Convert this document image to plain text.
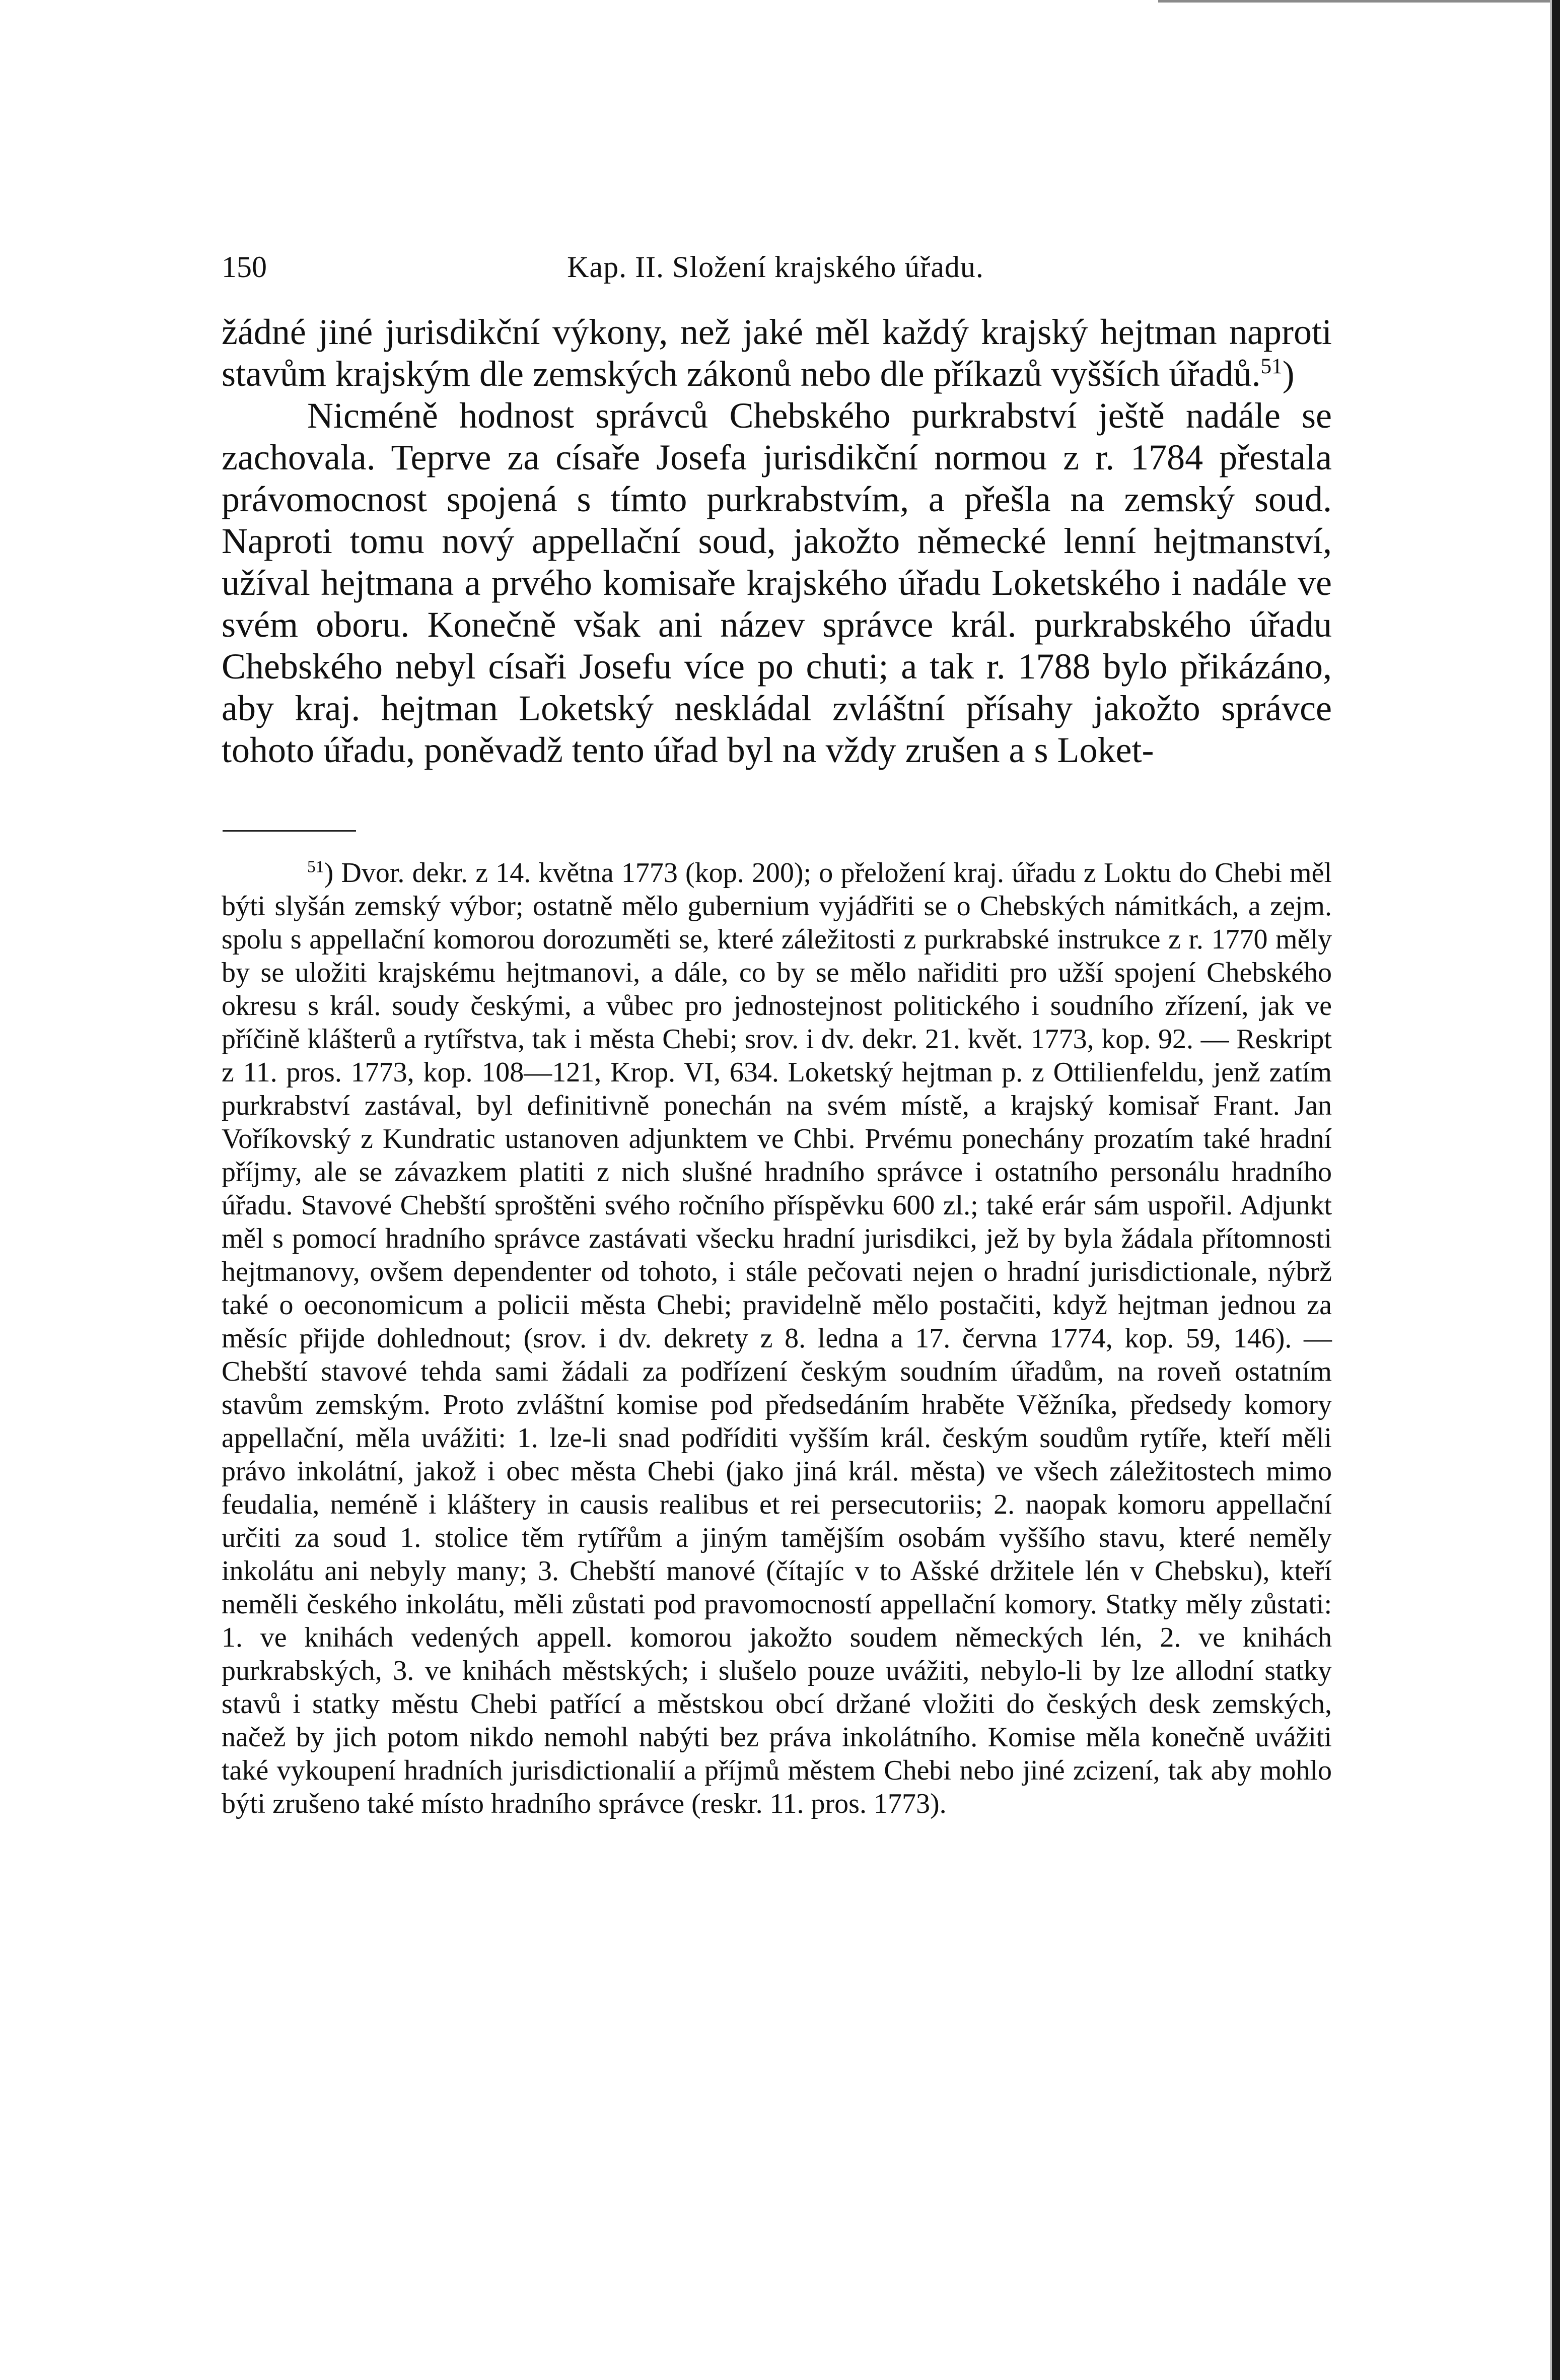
150	Kap. II. Složení krajského úřadu.

žádné jiné jurisdikční výkony, než jaké měl každý krajský hejtman naproti stavům krajským dle zemských zákonů nebo dle příkazů vyšších úřadů.$^{51}$)

Nicméně hodnost správců Chebského purkrabství ještě nadále se zachovala. Teprve za císaře Josefa jurisdikční normou z r. 1784 přestala právomocnost spojená s tímto purkrabstvím, a přešla na zemský soud. Naproti tomu nový appellační soud, jakožto německé lenní hejtmanství, užíval hejtmana a prvého komisaře krajského úřadu Loketského i nadále ve svém oboru. Konečně však ani název správce král. purkrabského úřadu Chebského nebyl císaři Josefu více po chuti; a tak r. 1788 bylo přikázáno, aby kraj. hejtman Loketský neskládal zvláštní přísahy jakožto správce tohoto úřadu, poněvadž tento úřad byl na vždy zrušen a s Loket-

$^{51}$) Dvor. dekr. z 14. května 1773 (kop. 200); o přeložení kraj. úřadu z Loktu do Chebi měl býti slyšán zemský výbor; ostatně mělo gubernium vyjádřiti se o Chebských námitkách, a zejm. spolu s appellační komorou dorozuměti se, které záležitosti z purkrabské instrukce z r. 1770 měly by se uložiti krajskému hejtmanovi, a dále, co by se mělo nařiditi pro užší spojení Chebského okresu s král. soudy českými, a vůbec pro jednostejnost politického i soudního zřízení, jak ve příčině klášterů a rytířstva, tak i města Chebi; srov. i dv. dekr. 21. květ. 1773, kop. 92. — Reskript z 11. pros. 1773, kop. 108—121, Krop. VI, 634. Loketský hejtman p. z Ottilienfeldu, jenž zatím purkrabství zastával, byl definitivně ponechán na svém místě, a krajský komisař Frant. Jan Voříkovský z Kundratic ustanoven adjunktem ve Chbi. Prvému ponechány prozatím také hradní příjmy, ale se závazkem platiti z nich slušné hradního správce i ostatního personálu hradního úřadu. Stavové Chebští sproštěni svého ročního příspěvku 600 zl.; také erár sám uspořil. Adjunkt měl s pomocí hradního správce zastávati všecku hradní jurisdikci, jež by byla žádala přítomnosti hejtmanovy, ovšem dependenter od tohoto, i stále pečovati nejen o hradní jurisdictionale, nýbrž také o oeconomicum a policii města Chebi; pravidelně mělo postačiti, když hejtman jednou za měsíc přijde dohlednout; (srov. i dv. dekrety z 8. ledna a 17. června 1774, kop. 59, 146). — Chebští stavové tehda sami žádali za podřízení českým soudním úřadům, na roveň ostatním stavům zemským. Proto zvláštní komise pod předsedáním hraběte Věžníka, předsedy komory appellační, měla uvážiti: 1. lze-li snad podříditi vyšším král. českým soudům rytíře, kteří měli právo inkolátní, jakož i obec města Chebi (jako jiná král. města) ve všech záležitostech mimo feudalia, neméně i kláštery in causis realibus et rei persecutoriis; 2. naopak komoru appellační určiti za soud 1. stolice těm rytířům a jiným tamějším osobám vyššího stavu, které neměly inkolátu ani nebyly many; 3. Chebští manové (čítajíc v to Ašské držitele lén v Chebsku), kteří neměli českého inkolátu, měli zůstati pod pravomocností appellační komory. Statky měly zůstati: 1. ve knihách vedených appell. komorou jakožto soudem německých lén, 2. ve knihách purkrabských, 3. ve knihách městských; i slušelo pouze uvážiti, nebylo-li by lze allodní statky stavů i statky městu Chebi patřící a městskou obcí držané vložiti do českých desk zemských, načež by jich potom nikdo nemohl nabýti bez práva inkolátního. Komise měla konečně uvážiti také vykoupení hradních jurisdictionalií a příjmů městem Chebi nebo jiné zcizení, tak aby mohlo býti zrušeno také místo hradního správce (reskr. 11. pros. 1773).
